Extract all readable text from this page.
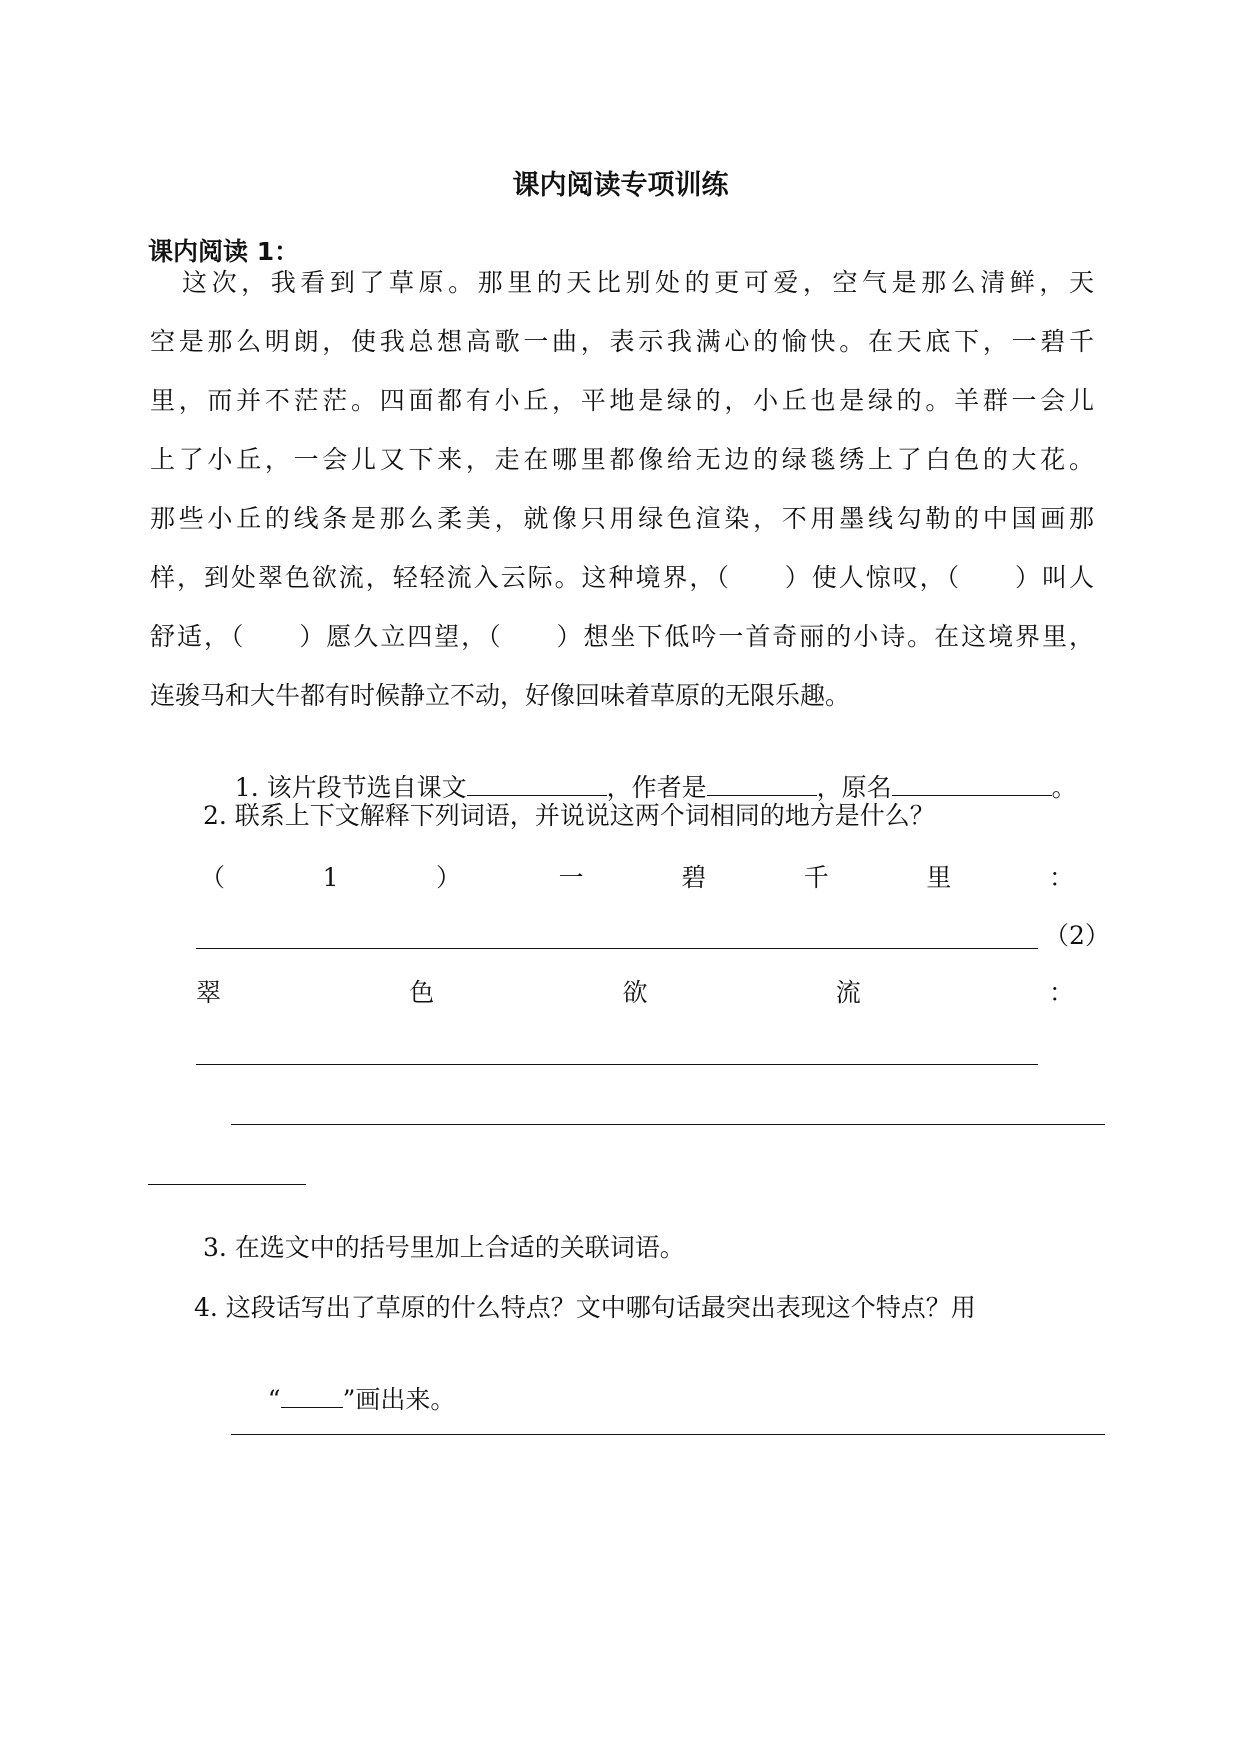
课内阅读专项训练
课内阅读 1：
这次，我看到了草原。那里的天比别处的更可爱，空气是那么清鲜，天
空是那么明朗，使我总想高歌一曲，表示我满心的愉快。在天底下，一碧千
里，而并不茫茫。四面都有小丘，平地是绿的，小丘也是绿的。羊群一会儿
上了小丘，一会儿又下来，走在哪里都像给无边的绿毯绣上了白色的大花。
那些小丘的线条是那么柔美，就像只用绿色渲染，不用墨线勾勒的中国画那
样，到处翠色欲流，轻轻流入云际。这种境界，（　　）使人惊叹，（　　）叫人
舒适，（　　）愿久立四望，（　　）想坐下低吟一首奇丽的小诗。在这境界里，
连骏马和大牛都有时候静立不动，好像回味着草原的无限乐趣。

1. 该片段节选自课文	，作者是	，原名	。

2. 联系上下文解释下列词语，并说说这两个词相同的地方是什么？
（	1	）	一	碧	千	里	：
（2）
翠	色	欲	流	：
3. 在选文中的括号里加上合适的关联词语。
4. 这段话写出了草原的什么特点？文中哪句话最突出表现这个特点？用

“ ”画出来。
